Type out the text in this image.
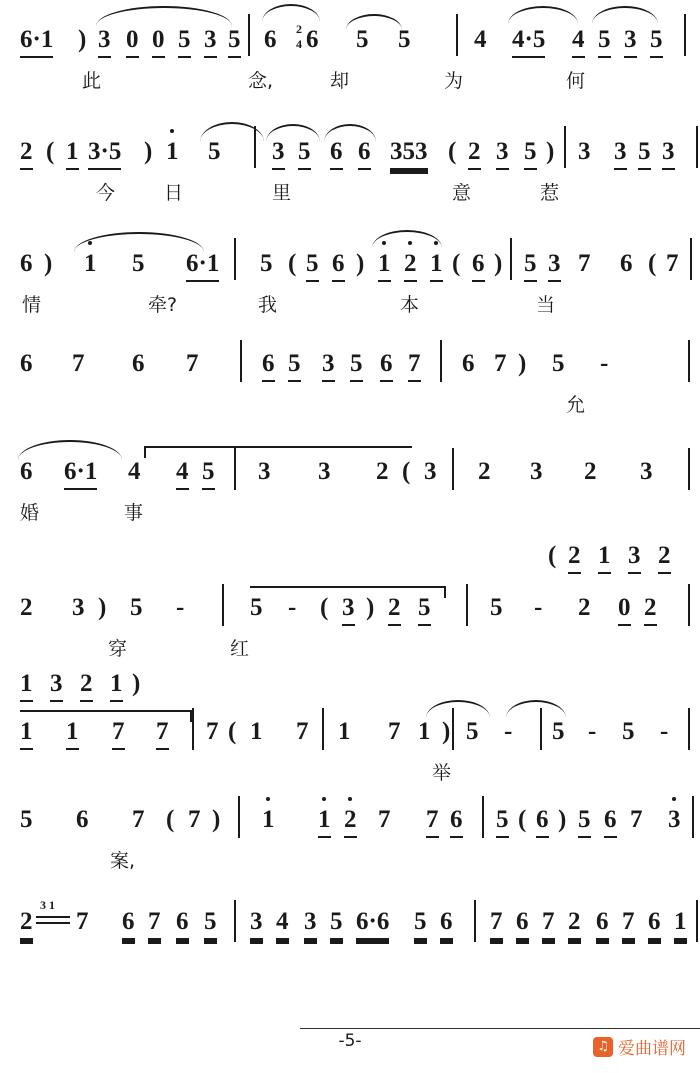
2
4
6·1 ) 3 0 0 5 3 5 6 6 5 5	4 4·5 4 5 3 5
此	念,	却	为	何
2 ( 1 3·5 ) 1 5 3 5 6 6 353 ( 2 3 5 ) 3 3 5 3
今	日	里	意	惹
6 ) 1 5 6·1 5 ( 5 6 ) 1 2 1 ( 6 ) 5 3 7 6 ( 7
情	牵?	我	本	当
6 7 6 7	6 5 3 5 6 7 6 7 ) 5 -
允
6 6·1 4 4 5 3 3 2 ( 3 2 3 2 3
婚	事
( 2 1 3 2
2 3 ) 5 -	5 - ( 3 ) 2 5 5 - 2 0 2
穿	红
1 3 2 1 )
1 1 7 7 7 ( 1 7 1 7 1 ) 5 - 5 - 5 -
举
5 6 7 ( 7 ) 1 1 2 7 7 6 5 ( 6 ) 5 6 7 3
案,
3 1
2 7 6 7 6 5 3 4 3 5 6·6 5 6 7 6 7 2 6 7 6 1
-5-	♫ 爱曲谱网
